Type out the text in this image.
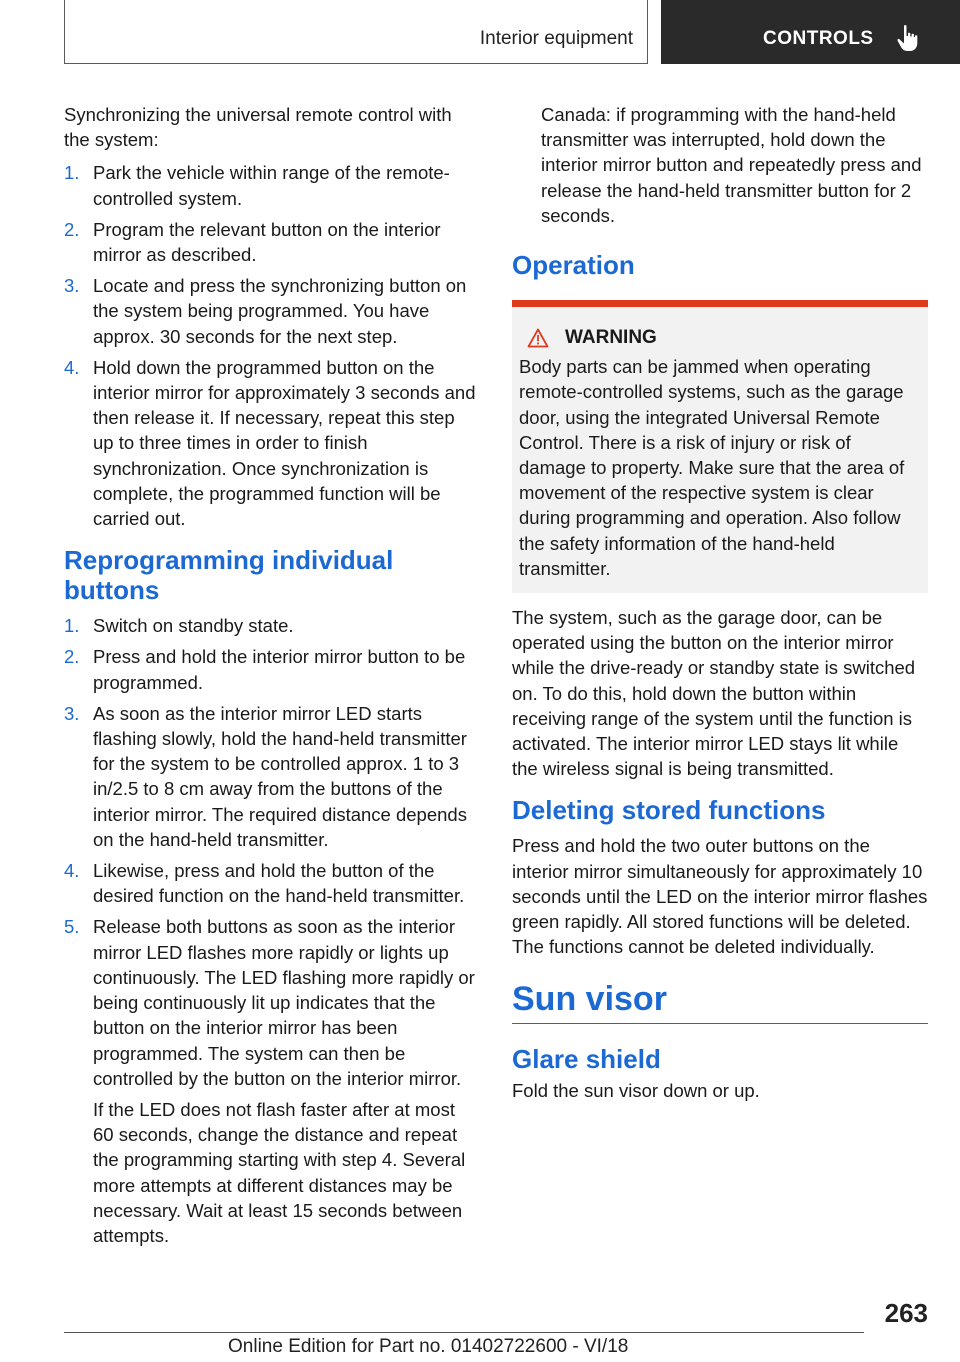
Interior equipment	CONTROLS

Synchronizing the universal remote control with the system:

1. Park the vehicle within range of the remote-controlled system.
2. Program the relevant button on the interior mirror as described.
3. Locate and press the synchronizing button on the system being programmed. You have approx. 30 seconds for the next step.
4. Hold down the programmed button on the interior mirror for approximately 3 seconds and then release it. If necessary, repeat this step up to three times in order to finish synchronization. Once synchronization is complete, the programmed function will be carried out.
Reprogramming individual buttons
1. Switch on standby state.
2. Press and hold the interior mirror button to be programmed.
3. As soon as the interior mirror LED starts flashing slowly, hold the hand-held transmitter for the system to be controlled approx. 1 to 3 in/2.5 to 8 cm away from the buttons of the interior mirror. The required distance depends on the hand-held transmitter.
4. Likewise, press and hold the button of the desired function on the hand-held transmitter.
5. Release both buttons as soon as the interior mirror LED flashes more rapidly or lights up continuously. The LED flashing more rapidly or being continuously lit up indicates that the button on the interior mirror has been programmed. The system can then be controlled by the button on the interior mirror.

If the LED does not flash faster after at most 60 seconds, change the distance and repeat the programming starting with step 4. Several more attempts at different distances may be necessary. Wait at least 15 seconds between attempts.

Canada: if programming with the hand-held transmitter was interrupted, hold down the interior mirror button and repeatedly press and release the hand-held transmitter button for 2 seconds.

Operation
WARNING

Body parts can be jammed when operating remote-controlled systems, such as the garage door, using the integrated Universal Remote Control. There is a risk of injury or risk of damage to property. Make sure that the area of movement of the respective system is clear during programming and operation. Also follow the safety information of the hand-held transmitter.

The system, such as the garage door, can be operated using the button on the interior mirror while the drive-ready or standby state is switched on. To do this, hold down the button within receiving range of the system until the function is activated. The interior mirror LED stays lit while the wireless signal is being transmitted.

Deleting stored functions

Press and hold the two outer buttons on the interior mirror simultaneously for approximately 10 seconds until the LED on the interior mirror flashes green rapidly. All stored functions will be deleted. The functions cannot be deleted individually.

Sun visor
Glare shield

Fold the sun visor down or up.

263
Online Edition for Part no. 01402722600 - VI/18
